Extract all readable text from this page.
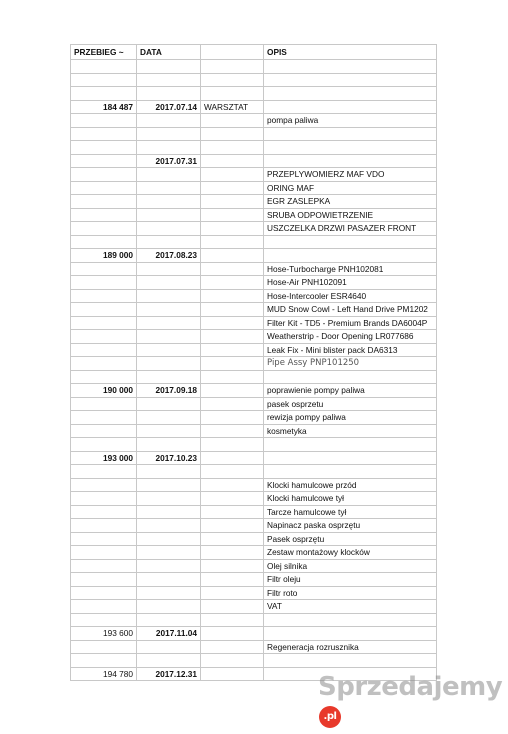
PRZEBIEG ~	DATA		OPIS

184 487	2017.07.14	WARSZTAT	
			pompa paliwa

	2017.07.31		
			PRZEPLYWOMIERZ MAF VDO
			ORING MAF
			EGR ZASLEPKA
			SRUBA ODPOWIETRZENIE
			USZCZELKA DRZWI PASAZER FRONT

189 000	2017.08.23		
			Hose-Turbocharge PNH102081
			Hose-Air PNH102091
			Hose-Intercooler ESR4640
			MUD Snow Cowl - Left Hand Drive PM1202
			Filter Kit - TD5 - Premium Brands DA6004P
			Weatherstrip - Door Opening LR077686
			Leak Fix - Mini blister pack DA6313
			Pipe Assy PNP101250

190 000	2017.09.18		poprawienie pompy paliwa
			pasek osprzetu
			rewizja pompy paliwa
			kosmetyka

193 000	2017.10.23		

			Klocki hamulcowe przód
			Klocki hamulcowe tył
			Tarcze hamulcowe tył
			Napinacz paska osprzętu
			Pasek osprzętu
			Zestaw montażowy klocków
			Olej silnika
			Filtr oleju
			Filtr roto
			VAT

193 600	2017.11.04		
			Regeneracja rozrusznika

194 780	2017.12.31			Sprzedajemy.pl
